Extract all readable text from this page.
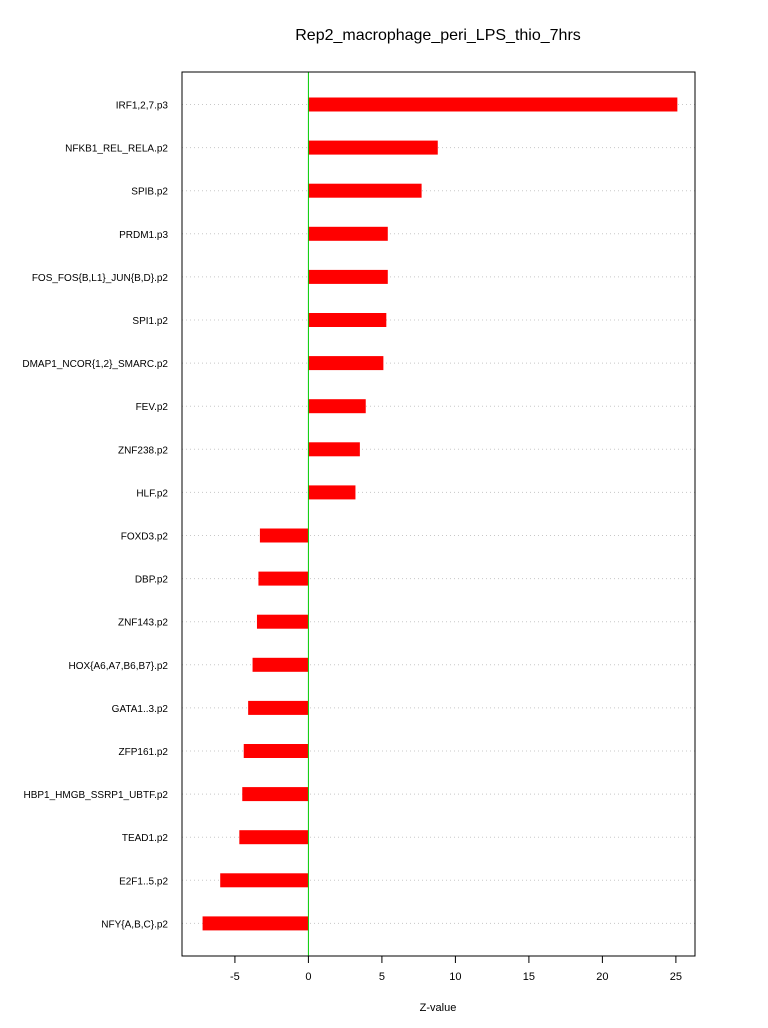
Rep2_macrophage_peri_LPS_thio_7hrs
IRF1,2,7.p3
NFKB1_REL_RELA.p2
SPIB.p2
PRDM1.p3
FOS_FOS{B,L1}_JUN{B,D}.p2
SPI1.p2
DMAP1_NCOR{1,2}_SMARC.p2
FEV.p2
ZNF238.p2
HLF.p2
FOXD3.p2
DBP.p2
ZNF143.p2
HOX{A6,A7,B6,B7}.p2
GATA1..3.p2
ZFP161.p2
HBP1_HMGB_SSRP1_UBTF.p2
TEAD1.p2
E2F1..5.p2
NFY{A,B,C}.p2
-5	0	5	10	15	20	25
Z-value
